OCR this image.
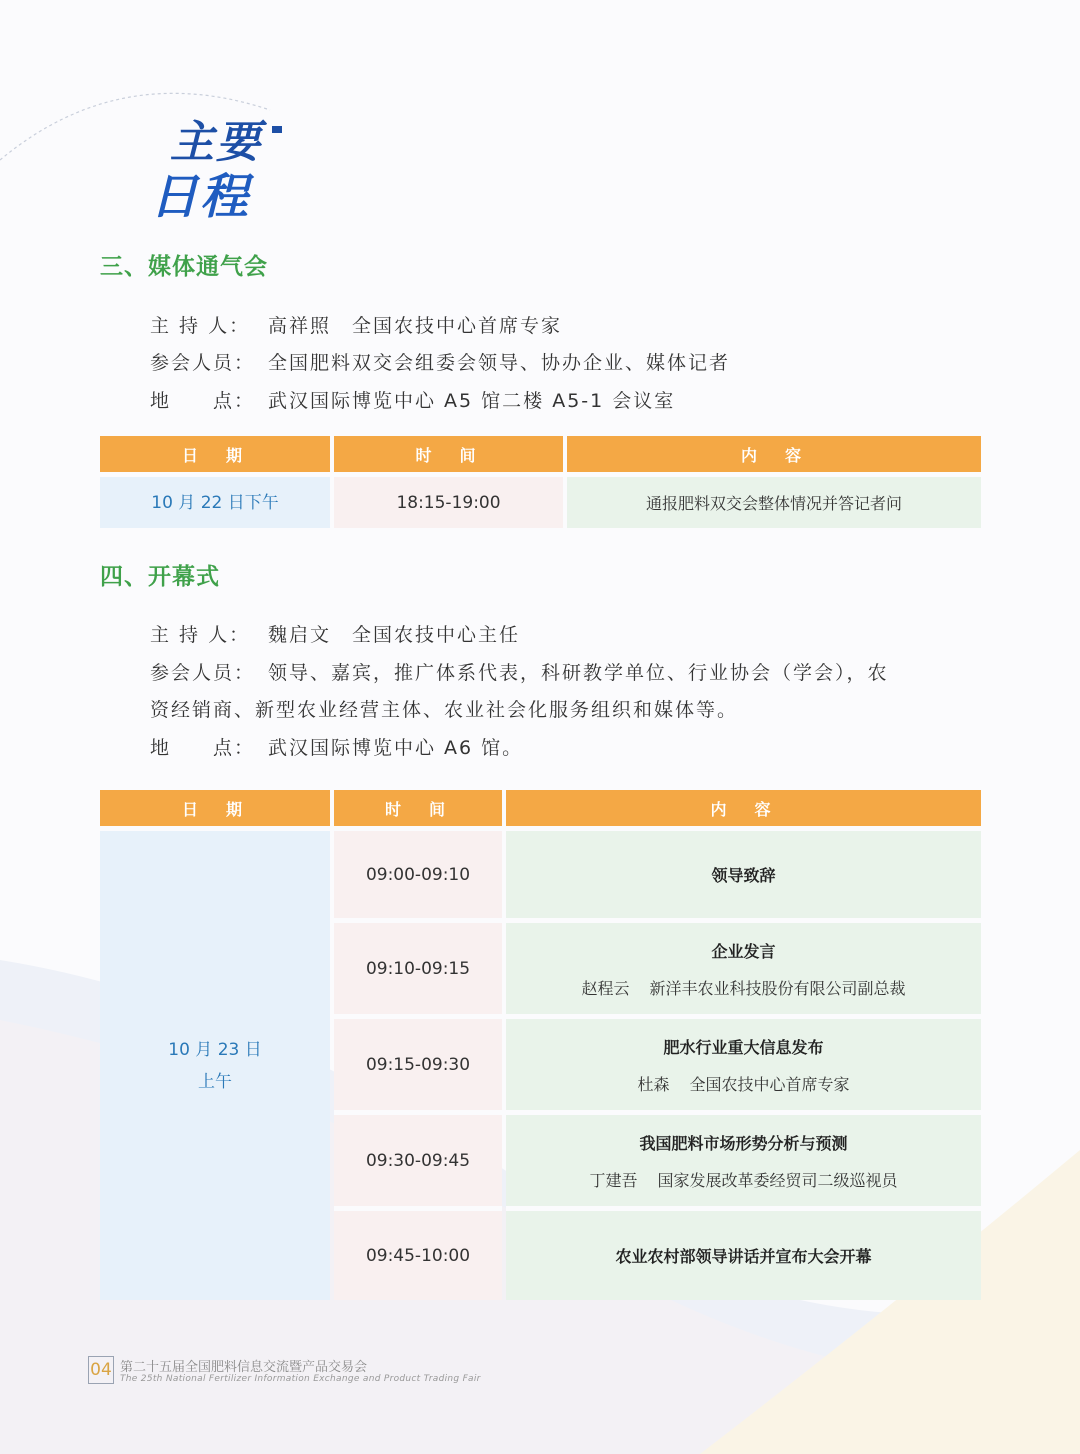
主要
日程
三、媒体通气会
主 持 人： 高祥照　全国农技中心首席专家
参会人员： 全国肥料双交会组委会领导、协办企业、媒体记者
地　　点： 武汉国际博览中心 A5 馆二楼 A5-1 会议室
日　期	时　间	内　容
10 月 22 日下午	18:15-19:00	通报肥料双交会整体情况并答记者问
四、开幕式
主 持 人： 魏启文　全国农技中心主任
参会人员： 领导、嘉宾，推广体系代表，科研教学单位、行业协会（学会），农
资经销商、新型农业经营主体、农业社会化服务组织和媒体等。
地　　点： 武汉国际博览中心 A6 馆。
日　期	时　间	内　容

10 月 23 日
上午	09:00-09:10	领导致辞

	09:10-09:15	企业发言
赵程云 新洋丰农业科技股份有限公司副总裁

	09:15-09:30	肥水行业重大信息发布
杜森 全国农技中心首席专家

	09:30-09:45	我国肥料市场形势分析与预测
丁建吾 国家发展改革委经贸司二级巡视员

	09:45-10:00	农业农村部领导讲话并宣布大会开幕
04 第二十五届全国肥料信息交流暨产品交易会
The 25th National Fertilizer Information Exchange and Product Trading Fair
